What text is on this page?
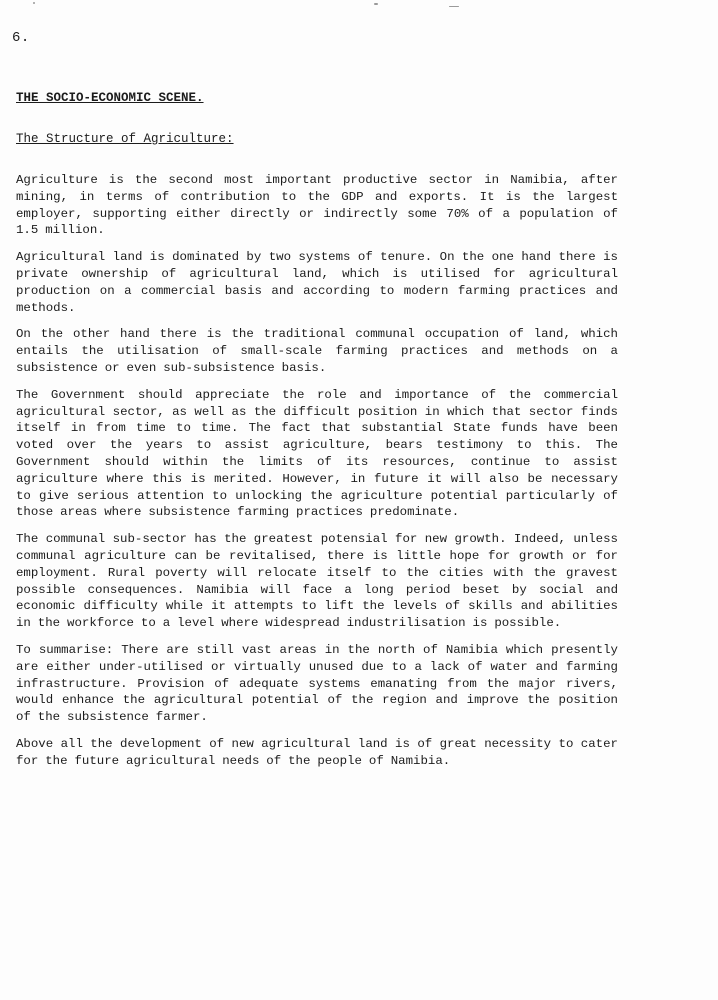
6.
THE SOCIO-ECONOMIC SCENE.
The Structure of Agriculture:

Agriculture is the second most important productive sector in Namibia, after mining, in terms of contribution to the GDP and exports. It is the largest employer, supporting either directly or indirectly some 70% of a population of 1.5 million.

Agricultural land is dominated by two systems of tenure. On the one hand there is private ownership of agricultural land, which is utilised for agricultural production on a commercial basis and according to modern farming practices and methods.

On the other hand there is the traditional communal occupation of land, which entails the utilisation of small-scale farming practices and methods on a subsistence or even sub-subsistence basis.

The Government should appreciate the role and importance of the commercial agricultural sector, as well as the difficult position in which that sector finds itself in from time to time. The fact that substantial State funds have been voted over the years to assist agriculture, bears testimony to this. The Government should within the limits of its resources, continue to assist agriculture where this is merited. However, in future it will also be necessary to give serious attention to unlocking the agriculture potential particularly of those areas where subsistence farming practices predominate.

The communal sub-sector has the greatest potensial for new growth. Indeed, unless communal agriculture can be revitalised, there is little hope for growth or for employment. Rural poverty will relocate itself to the cities with the gravest possible consequences. Namibia will face a long period beset by social and economic difficulty while it attempts to lift the levels of skills and abilities in the workforce to a level where widespread industrilisation is possible.

To summarise: There are still vast areas in the north of Namibia which presently are either under-utilised or virtually unused due to a lack of water and farming infrastructure. Provision of adequate systems emanating from the major rivers, would enhance the agricultural potential of the region and improve the position of the subsistence farmer.

Above all the development of new agricultural land is of great necessity to cater for the future agricultural needs of the people of Namibia.
